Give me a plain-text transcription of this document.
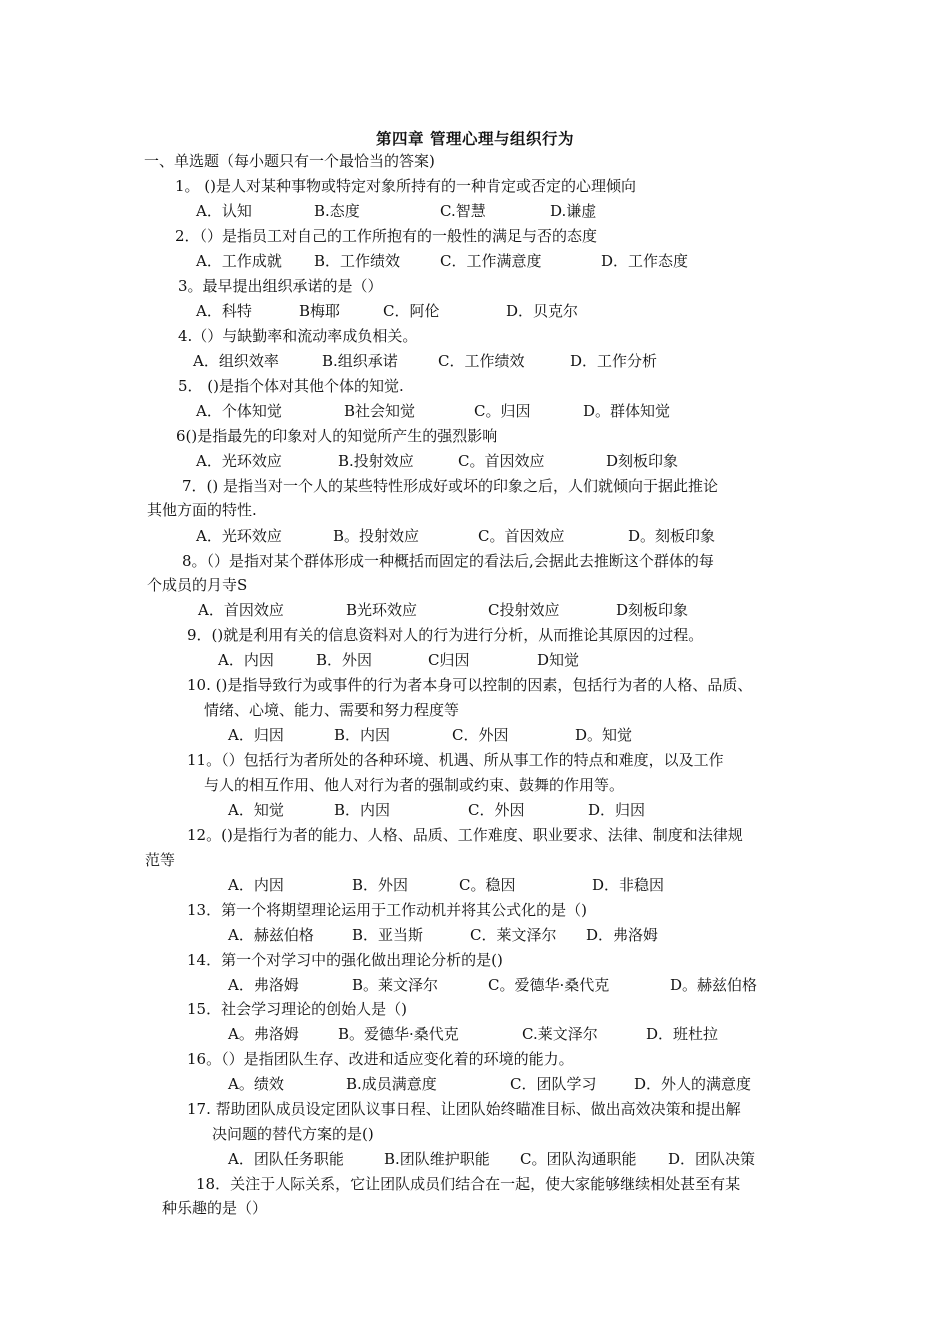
第四章 管理心理与组织行为
一、单选题（每小题只有一个最恰当的答案)
1。 ()是人对某种事物或特定对象所持有的一种肯定或否定的心理倾向
A．认知	B.态度	C.智慧	D.谦虚
2．（）是指员工对自己的工作所抱有的一般性的满足与否的态度
A．工作成就 B．工作绩效	C．工作满意度	D．工作态度
3。最早提出组织承诺的是（）
A．科特	B梅耶	C．阿伦	D．贝克尔
4.（）与缺勤率和流动率成负相关。
A．组织效率	B.组织承诺	C．工作绩效	D．工作分析
5． ()是指个体对其他个体的知觉.
A．个体知觉	B社会知觉	C。归因	D。群体知觉
6()是指最先的印象对人的知觉所产生的强烈影响
A．光环效应	B.投射效应	C。首因效应	D刻板印象
7．() 是指当对一个人的某些特性形成好或坏的印象之后，人们就倾向于据此推论
其他方面的特性.
A．光环效应	B。投射效应	C。首因效应	D。刻板印象
8。（）是指对某个群体形成一种概括而固定的看法后,会据此去推断这个群体的每
个成员的月寺S
A．首因效应	B光环效应	C投射效应	D刻板印象
9．()就是利用有关的信息资料对人的行为进行分析，从而推论其原因的过程。
A．内因	B．外因	C归因	D知觉
10. ()是指导致行为或事件的行为者本身可以控制的因素，包括行为者的人格、品质、
情绪、心境、能力、需要和努力程度等
A．归因	B．内因	C．外因	D。知觉
11。（）包括行为者所处的各种环境、机遇、所从事工作的特点和难度，以及工作
与人的相互作用、他人对行为者的强制或约束、鼓舞的作用等。
A．知觉	B．内因	C．外因	D．归因
12。()是指行为者的能力、人格、品质、工作难度、职业要求、法律、制度和法律规
范等
A．内因	B．外因	C。稳因	D．非稳因
13．第一个将期望理论运用于工作动机并将其公式化的是（)
A．赫兹伯格	B．亚当斯	C．莱文泽尔 D．弗洛姆
14．第一个对学习中的强化做出理论分析的是()
A．弗洛姆	B。莱文泽尔	C。爱德华·桑代克	D。赫兹伯格
15．社会学习理论的创始人是（)
A。弗洛姆	B。爱德华·桑代克	C.莱文泽尔	D．班杜拉
16。（）是指团队生存、改进和适应变化着的环境的能力。
A。绩效	B.成员满意度	C．团队学习	D．外人的满意度
17. 帮助团队成员设定团队议事日程、让团队始终瞄准目标、做出高效决策和提出解
决问题的替代方案的是()
A．团队任务职能	B.团队维护职能 C。团队沟通职能 D．团队决策
18．关注于人际关系，它让团队成员们结合在一起，使大家能够继续相处甚至有某
种乐趣的是（）
